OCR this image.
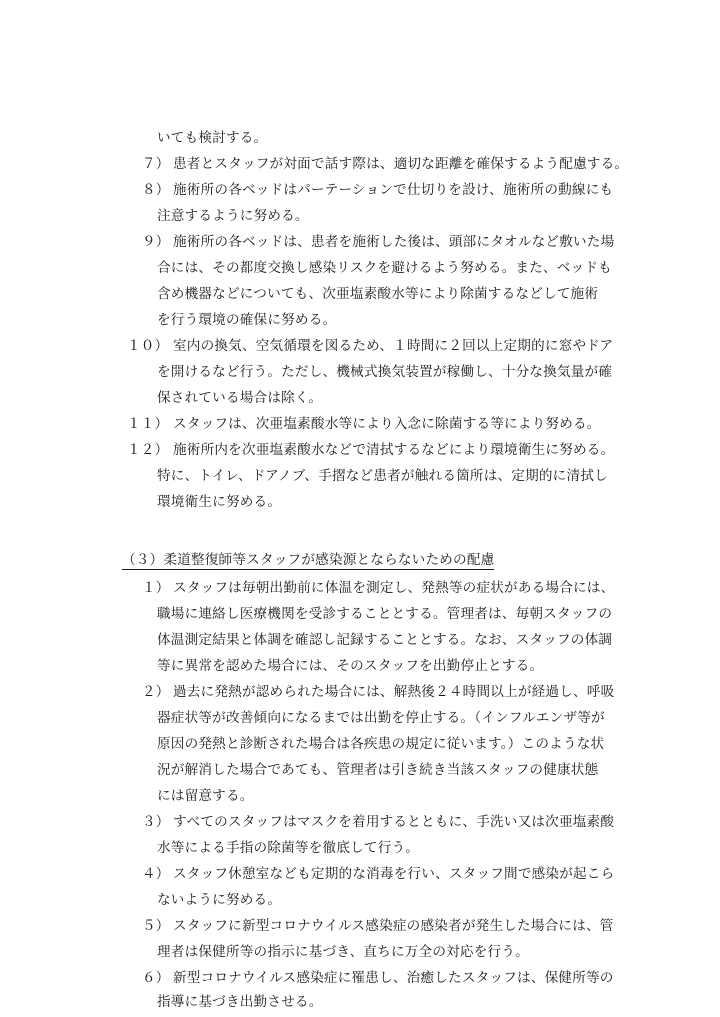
いても検討する。
７） 患者とスタッフが対面で話す際は、適切な距離を確保するよう配慮する。
８） 施術所の各ベッドはパーテーションで仕切りを設け、施術所の動線にも
注意するように努める。
９） 施術所の各ベッドは、患者を施術した後は、頭部にタオルなど敷いた場
合には、その都度交換し感染リスクを避けるよう努める。また、ベッドも
含め機器などについても、次亜塩素酸水等により除菌するなどして施術
を行う環境の確保に努める。
１０） 室内の換気、空気循環を図るため、１時間に２回以上定期的に窓やドア
を開けるなど行う。ただし、機械式換気装置が稼働し、十分な換気量が確
保されている場合は除く。
１１） スタッフは、次亜塩素酸水等により入念に除菌する等により努める。
１２） 施術所内を次亜塩素酸水などで清拭するなどにより環境衛生に努める。
特に、トイレ、ドアノブ、手摺など患者が触れる箇所は、定期的に清拭し
環境衛生に努める。
（３）柔道整復師等スタッフが感染源とならないための配慮
１） スタッフは毎朝出勤前に体温を測定し、発熱等の症状がある場合には、
職場に連絡し医療機関を受診することとする。管理者は、毎朝スタッフの
体温測定結果と体調を確認し記録することとする。なお、スタッフの体調
等に異常を認めた場合には、そのスタッフを出勤停止とする。
２） 過去に発熱が認められた場合には、解熱後２４時間以上が経過し、呼吸
器症状等が改善傾向になるまでは出勤を停止する。（インフルエンザ等が
原因の発熱と診断された場合は各疾患の規定に従います。）このような状
況が解消した場合であても、管理者は引き続き当該スタッフの健康状態
には留意する。
３） すべてのスタッフはマスクを着用するとともに、手洗い又は次亜塩素酸
水等による手指の除菌等を徹底して行う。
４） スタッフ休憩室なども定期的な消毒を行い、スタッフ間で感染が起こら
ないように努める。
５） スタッフに新型コロナウイルス感染症の感染者が発生した場合には、管
理者は保健所等の指示に基づき、直ちに万全の対応を行う。
６） 新型コロナウイルス感染症に罹患し、治癒したスタッフは、保健所等の
指導に基づき出勤させる。
